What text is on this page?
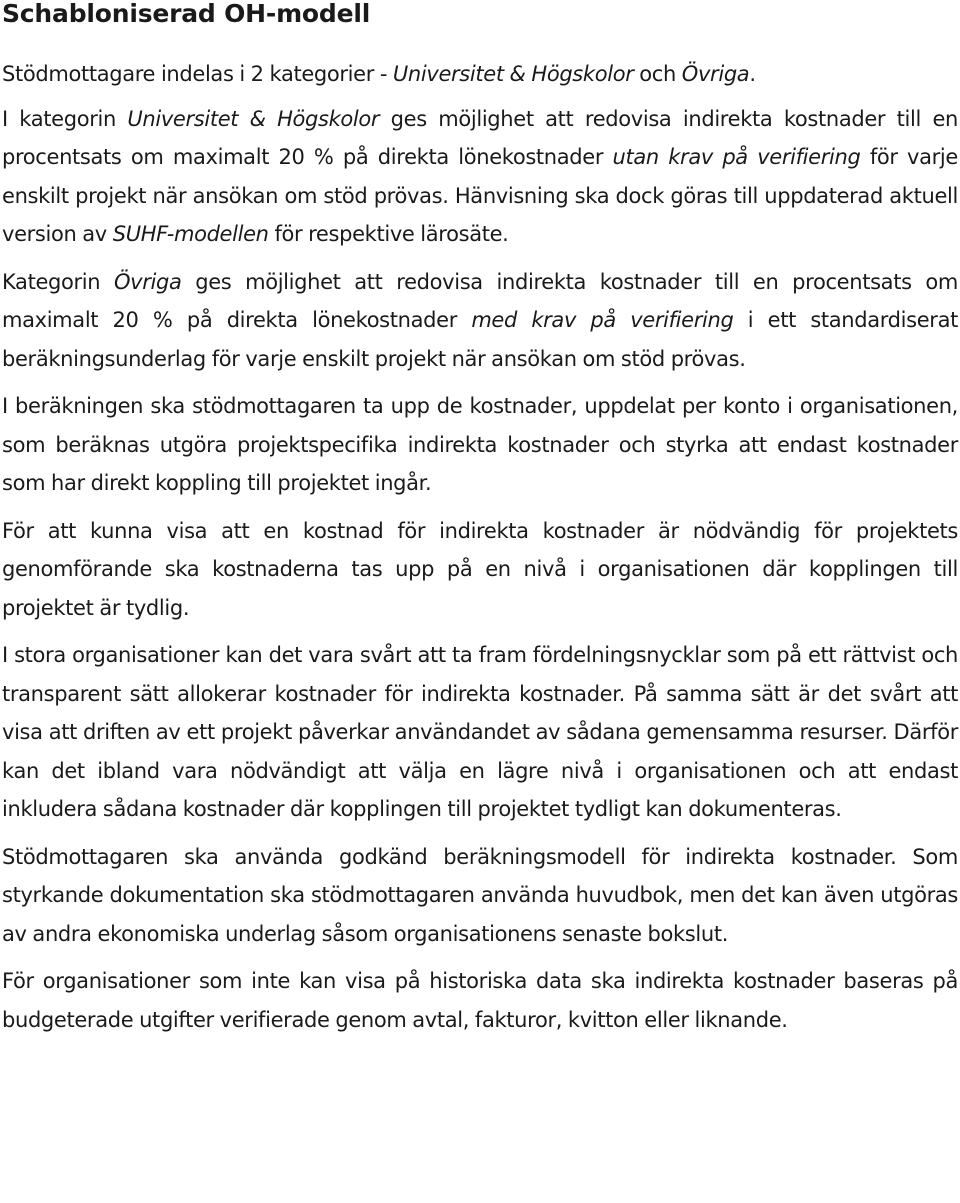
Schabloniserad OH-modell

Stödmottagare indelas i 2 kategorier - Universitet & Högskolor och Övriga.

I kategorin Universitet & Högskolor ges möjlighet att redovisa indirekta kostnader till en procentsats om maximalt 20 % på direkta lönekostnader utan krav på verifiering för varje enskilt projekt när ansökan om stöd prövas. Hänvisning ska dock göras till uppdaterad aktuell version av SUHF-modellen för respektive lärosäte.

Kategorin Övriga ges möjlighet att redovisa indirekta kostnader till en procentsats om maximalt 20 % på direkta lönekostnader med krav på verifiering i ett standardiserat beräkningsunderlag för varje enskilt projekt när ansökan om stöd prövas.

I beräkningen ska stödmottagaren ta upp de kostnader, uppdelat per konto i organisationen, som beräknas utgöra projektspecifika indirekta kostnader och styrka att endast kostnader som har direkt koppling till projektet ingår.

För att kunna visa att en kostnad för indirekta kostnader är nödvändig för projektets genomförande ska kostnaderna tas upp på en nivå i organisationen där kopplingen till projektet är tydlig.

I stora organisationer kan det vara svårt att ta fram fördelningsnycklar som på ett rättvist och transparent sätt allokerar kostnader för indirekta kostnader. På samma sätt är det svårt att visa att driften av ett projekt påverkar användandet av sådana gemensamma resurser. Därför kan det ibland vara nödvändigt att välja en lägre nivå i organisationen och att endast inkludera sådana kostnader där kopplingen till projektet tydligt kan dokumenteras.

Stödmottagaren ska använda godkänd beräkningsmodell för indirekta kostnader. Som styrkande dokumentation ska stödmottagaren använda huvudbok, men det kan även utgöras av andra ekonomiska underlag såsom organisationens senaste bokslut.

För organisationer som inte kan visa på historiska data ska indirekta kostnader baseras på budgeterade utgifter verifierade genom avtal, fakturor, kvitton eller liknande.
